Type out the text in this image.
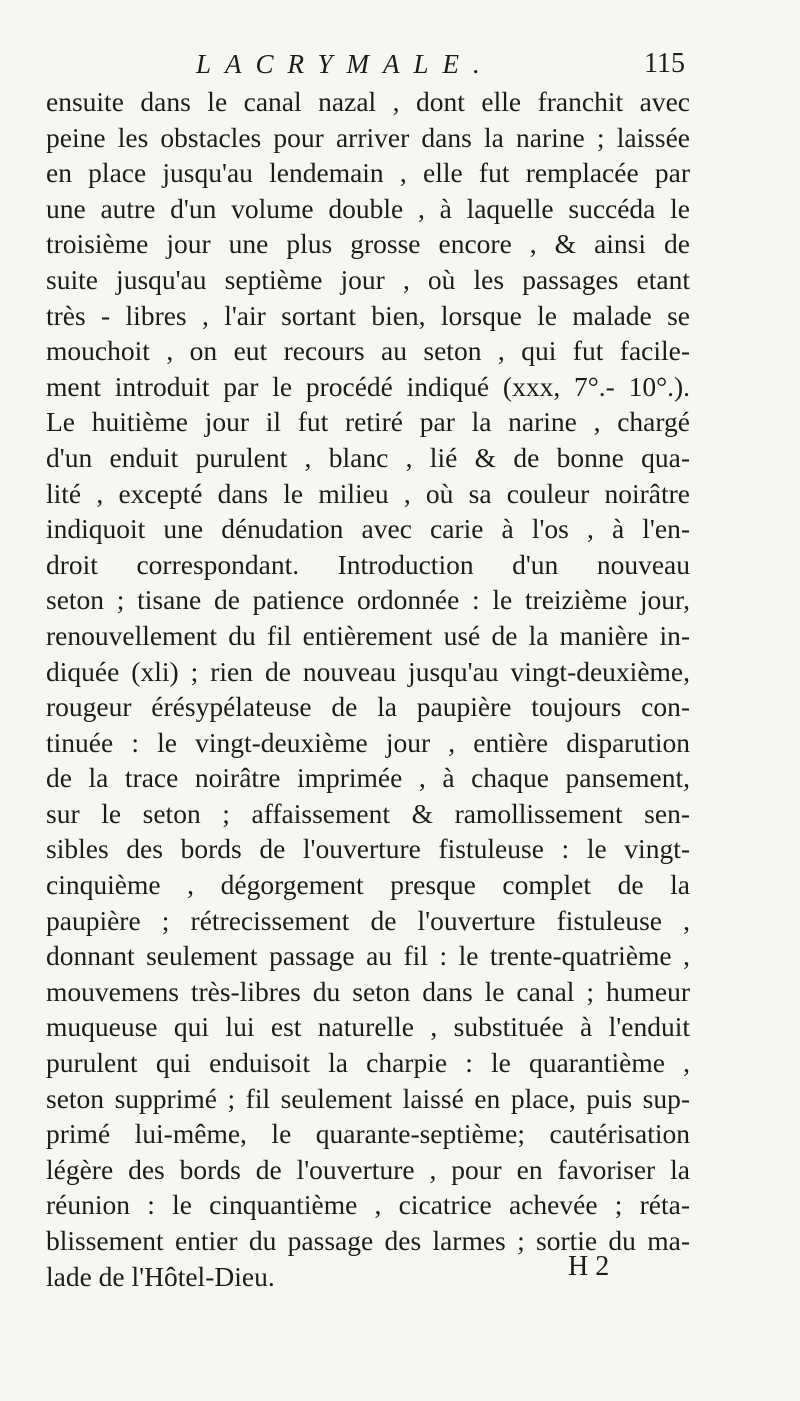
LACRYMALE.	115
ensuite dans le canal nazal , dont elle franchit avec
peine les obstacles pour arriver dans la narine ; laissée
en place jusqu'au lendemain , elle fut remplacée par
une autre d'un volume double , à laquelle succéda le
troisième jour une plus grosse encore , & ainsi de
suite jusqu'au septième jour , où les passages etant
très - libres , l'air sortant bien, lorsque le malade se
mouchoit , on eut recours au seton , qui fut facile-
ment introduit par le procédé indiqué (xxx, 7°.- 10°.).
Le huitième jour il fut retiré par la narine , chargé
d'un enduit purulent , blanc , lié & de bonne qua-
lité , excepté dans le milieu , où sa couleur noirâtre
indiquoit une dénudation avec carie à l'os , à l'en-
droit correspondant. Introduction d'un nouveau
seton ; tisane de patience ordonnée : le treizième jour,
renouvellement du fil entièrement usé de la manière in-
diquée (xli) ; rien de nouveau jusqu'au vingt-deuxième,
rougeur érésypélateuse de la paupière toujours con-
tinuée : le vingt-deuxième jour , entière disparution
de la trace noirâtre imprimée , à chaque pansement,
sur le seton ; affaissement & ramollissement sen-
sibles des bords de l'ouverture fistuleuse : le vingt-
cinquième , dégorgement presque complet de la
paupière ; rétrecissement de l'ouverture fistuleuse ,
donnant seulement passage au fil : le trente-quatrième ,
mouvemens très-libres du seton dans le canal ; humeur
muqueuse qui lui est naturelle , substituée à l'enduit
purulent qui enduisoit la charpie : le quarantième ,
seton supprimé ; fil seulement laissé en place, puis sup-
primé lui-même, le quarante-septième; cautérisation
légère des bords de l'ouverture , pour en favoriser la
réunion : le cinquantième , cicatrice achevée ; réta-
blissement entier du passage des larmes ; sortie du ma-
lade de l'Hôtel-Dieu.	H 2
